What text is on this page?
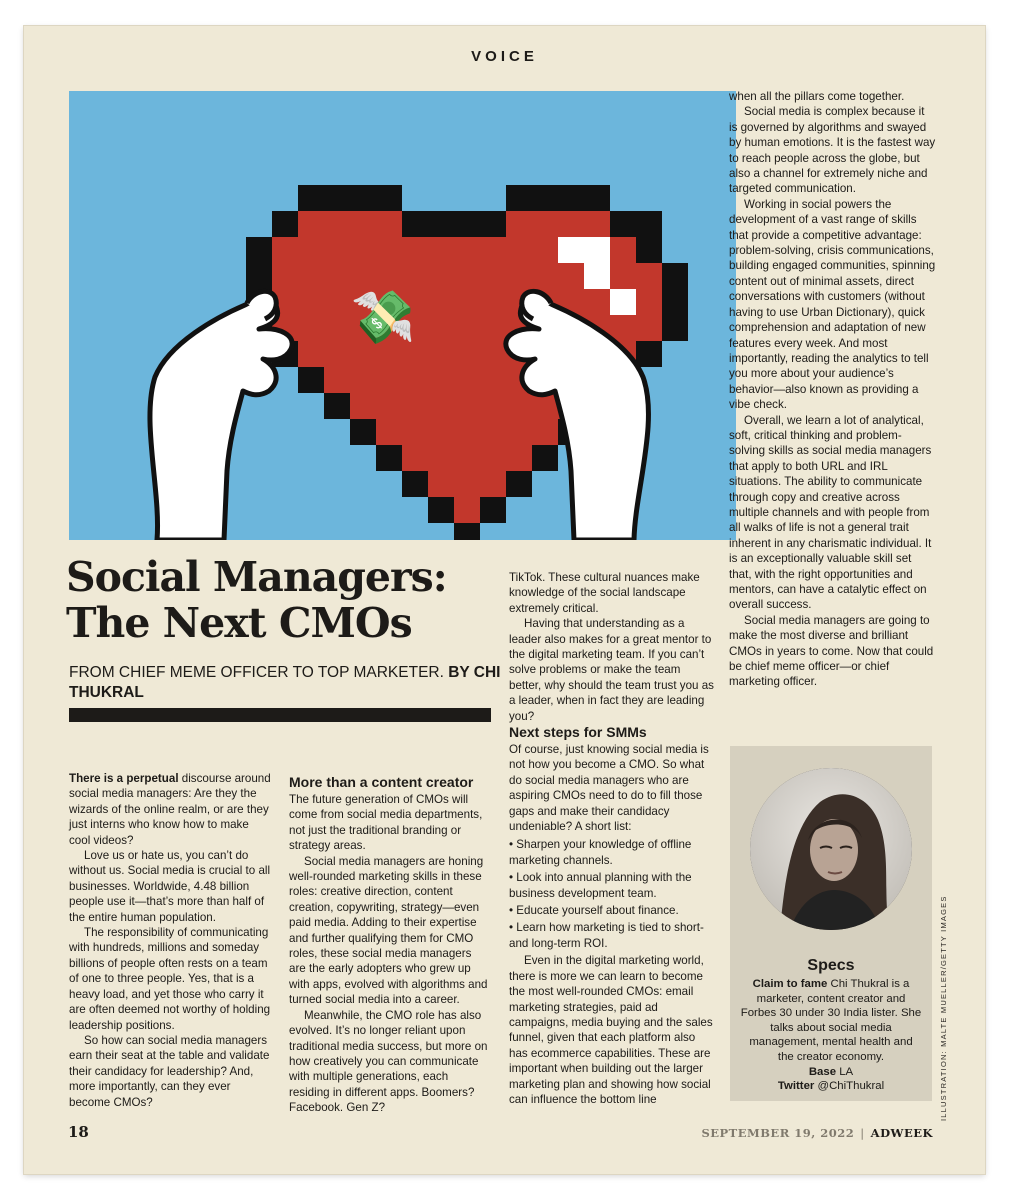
VOICE
💸
Social Managers: The Next CMOs
FROM CHIEF MEME OFFICER TO TOP MARKETER. BY CHI THUKRAL

There is a perpetual discourse around social media managers: Are they the wizards of the online realm, or are they just interns who know how to make cool videos?

Love us or hate us, you can’t do without us. Social media is crucial to all businesses. Worldwide, 4.48 billion people use it—that’s more than half of the entire human population.

The responsibility of communicating with hundreds, millions and someday billions of people often rests on a team of one to three people. Yes, that is a heavy load, and yet those who carry it are often deemed not worthy of holding leadership positions.

So how can social media managers earn their seat at the table and validate their candidacy for leadership? And, more importantly, can they ever become CMOs?

More than a content creator

The future generation of CMOs will come from social media departments, not just the traditional branding or strategy areas.

Social media managers are honing well-rounded marketing skills in these roles: creative direction, content creation, copywriting, strategy—even paid media. Adding to their expertise and further qualifying them for CMO roles, these social media managers are the early adopters who grew up with apps, evolved with algorithms and turned social media into a career.

Meanwhile, the CMO role has also evolved. It’s no longer reliant upon traditional media success, but more on how creatively you can communicate with multiple generations, each residing in different apps. Boomers? Facebook. Gen Z?

TikTok. These cultural nuances make knowledge of the social landscape extremely critical.

Having that understanding as a leader also makes for a great mentor to the digital marketing team. If you can’t solve problems or make the team better, why should the team trust you as a leader, when in fact they are leading you?

Next steps for SMMs

Of course, just knowing social media is not how you become a CMO. So what do social media managers who are aspiring CMOs need to do to fill those gaps and make their candidacy undeniable? A short list:

• Sharpen your knowledge of offline marketing channels.
• Look into annual planning with the business development team.
• Educate yourself about finance.
• Learn how marketing is tied to short- and long-term ROI.

Even in the digital marketing world, there is more we can learn to become the most well-rounded CMOs: email marketing strategies, paid ad campaigns, media buying and the sales funnel, given that each platform also has ecommerce capabilities. These are important when building out the larger marketing plan and showing how social can influence the bottom line

when all the pillars come together.

Social media is complex because it is governed by algorithms and swayed by human emotions. It is the fastest way to reach people across the globe, but also a channel for extremely niche and targeted communication.

Working in social powers the development of a vast range of skills that provide a competitive advantage: problem-solving, crisis communications, building engaged communities, spinning content out of minimal assets, direct conversations with customers (without having to use Urban Dictionary), quick comprehension and adaptation of new features every week. And most importantly, reading the analytics to tell you more about your audience’s behavior—also known as providing a vibe check.

Overall, we learn a lot of analytical, soft, critical thinking and problem-solving skills as social media managers that apply to both URL and IRL situations. The ability to communicate through copy and creative across multiple channels and with people from all walks of life is not a general trait inherent in any charismatic individual. It is an exceptionally valuable skill set that, with the right opportunities and mentors, can have a catalytic effect on overall success.

Social media managers are going to make the most diverse and brilliant CMOs in years to come. Now that could be chief meme officer—or chief marketing officer.

Specs
Claim to fame Chi Thukral is a marketer, content creator and Forbes 30 under 30 India lister. She talks about social media management, mental health and the creator economy.
Base LA
Twitter @ChiThukral	ILLUSTRATION: MALTE MUELLER/GETTY IMAGES
18	SEPTEMBER 19, 2022 | ADWEEK
